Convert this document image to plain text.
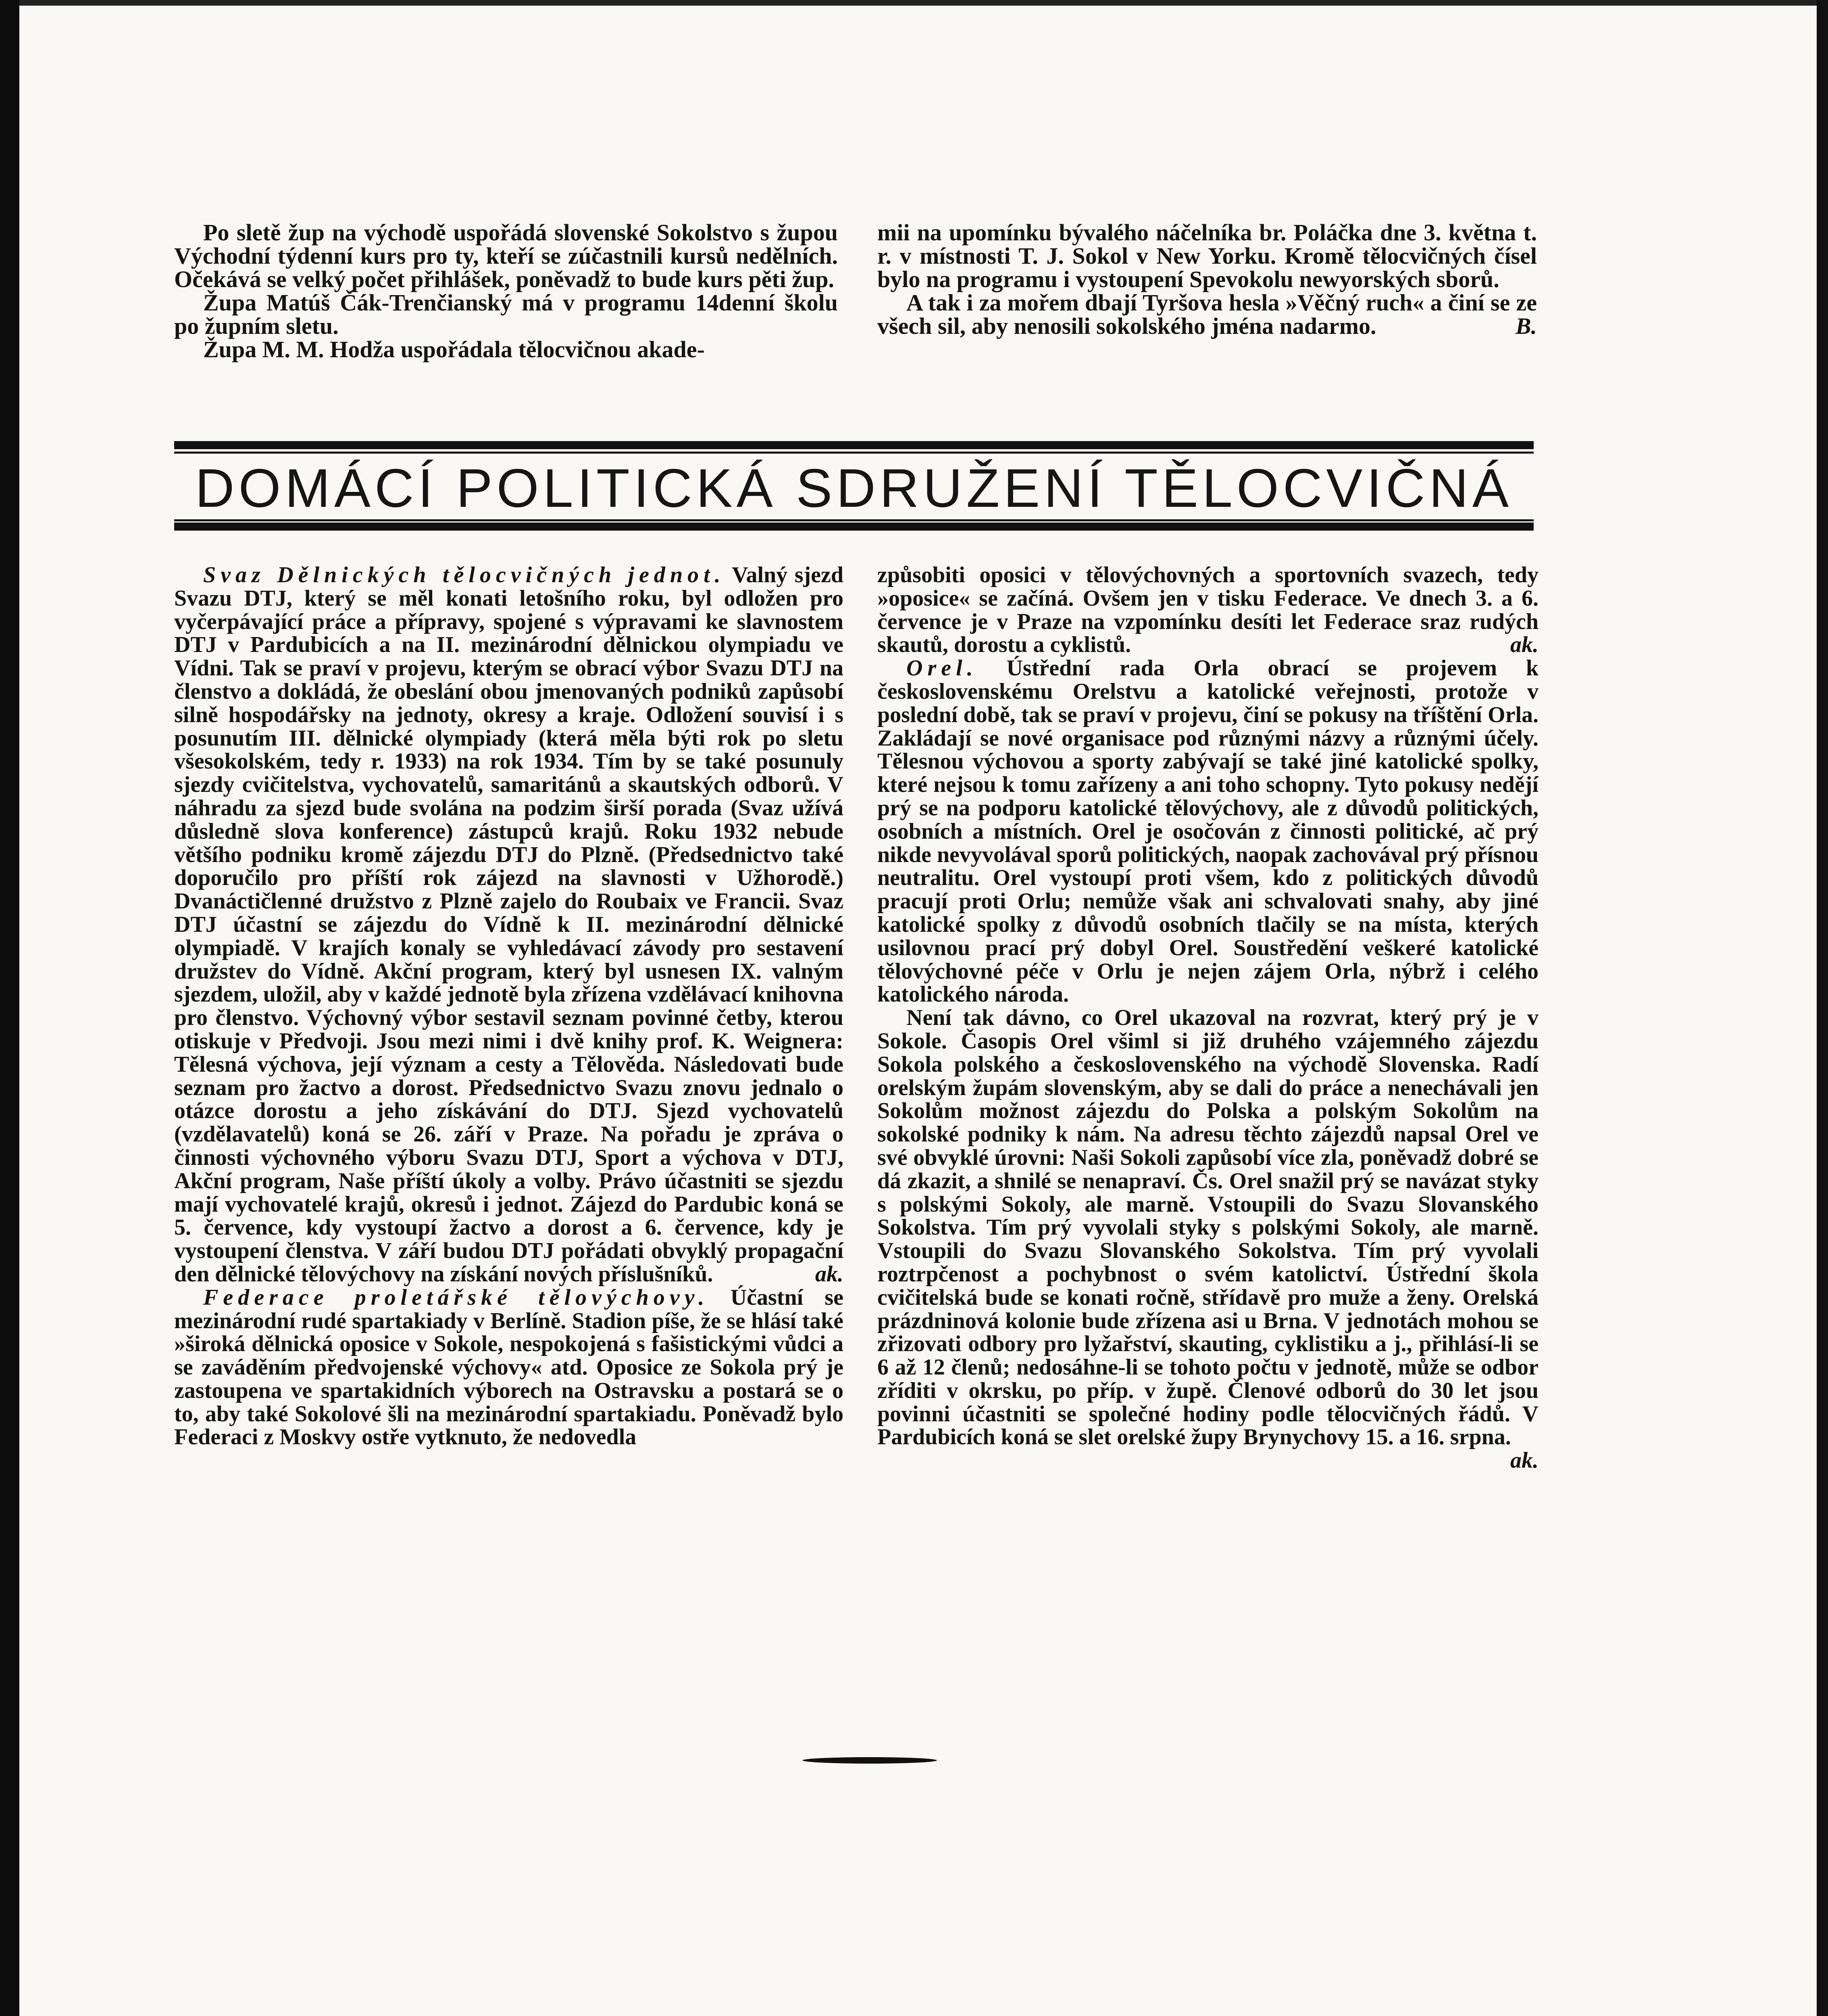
Po sletě žup na východě uspořádá slovenské Sokolstvo s župou Východní týdenní kurs pro ty, kteří se zúčastnili kursů nedělních. Očekává se velký počet přihlášek, poněvadž to bude kurs pěti žup.

Župa Matúš Čák-Trenčianský má v programu 14denní školu po župním sletu.

Župa M. M. Hodža uspořádala tělocvičnou akade-

mii na upomínku bývalého náčelníka br. Poláčka dne 3. května t. r. v místnosti T. J. Sokol v New Yorku. Kromě tělocvičných čísel bylo na programu i vystoupení Spevokolu newyorských sborů.

A tak i za mořem dbají Tyršova hesla »Věčný ruch« a činí se ze všech sil, aby nenosili sokolského jména nadarmo.	B.

DOMÁCÍ POLITICKÁ SDRUŽENÍ TĚLOCVIČNÁ

Svaz Dělnických tělocvičných jednot. Valný sjezd Svazu DTJ, který se měl konati letošního roku, byl odložen pro vyčerpávající práce a přípravy, spojené s výpravami ke slavnostem DTJ v Pardubicích a na II. mezinárodní dělnickou olympiadu ve Vídni. Tak se praví v projevu, kterým se obrací výbor Svazu DTJ na členstvo a dokládá, že obeslání obou jmenovaných podniků zapůsobí silně hospodářsky na jednoty, okresy a kraje. Odložení souvisí i s posunutím III. dělnické olympiady (která měla býti rok po sletu všesokolském, tedy r. 1933) na rok 1934. Tím by se také posunuly sjezdy cvičitelstva, vychovatelů, samaritánů a skautských odborů. V náhradu za sjezd bude svolána na podzim širší porada (Svaz užívá důsledně slova konference) zástupců krajů. Roku 1932 nebude většího podniku kromě zájezdu DTJ do Plzně. (Předsednictvo také doporučilo pro příští rok zájezd na slavnosti v Užhorodě.) Dvanáctičlenné družstvo z Plzně zajelo do Roubaix ve Francii. Svaz DTJ účastní se zájezdu do Vídně k II. mezinárodní dělnické olympiadě. V krajích konaly se vyhledávací závody pro sestavení družstev do Vídně. Akční program, který byl usnesen IX. valným sjezdem, uložil, aby v každé jednotě byla zřízena vzdělávací knihovna pro členstvo. Výchovný výbor sestavil seznam povinné četby, kterou otiskuje v Předvoji. Jsou mezi nimi i dvě knihy prof. K. Weignera: Tělesná výchova, její význam a cesty a Tělověda. Následovati bude seznam pro žactvo a dorost. Předsednictvo Svazu znovu jednalo o otázce dorostu a jeho získávání do DTJ. Sjezd vychovatelů (vzdělavatelů) koná se 26. září v Praze. Na pořadu je zpráva o činnosti výchovného výboru Svazu DTJ, Sport a výchova v DTJ, Akční program, Naše příští úkoly a volby. Právo účastniti se sjezdu mají vychovatelé krajů, okresů i jednot. Zájezd do Pardubic koná se 5. července, kdy vystoupí žactvo a dorost a 6. července, kdy je vystoupení členstva. V září budou DTJ pořádati obvyklý propagační den dělnické tělovýchovy na získání nových příslušníků.	ak.

Federace proletářské tělovýchovy. Účastní se mezinárodní rudé spartakiady v Berlíně. Stadion píše, že se hlásí také »široká dělnická oposice v Sokole, nespokojená s fašistickými vůdci a se zaváděním předvojenské výchovy« atd. Oposice ze Sokola prý je zastoupena ve spartakidních výborech na Ostravsku a postará se o to, aby také Sokolové šli na mezinárodní spartakiadu. Poněvadž bylo Federaci z Moskvy ostře vytknuto, že nedovedla

způsobiti oposici v tělovýchovných a sportovních svazech, tedy »oposice« se začíná. Ovšem jen v tisku Federace. Ve dnech 3. a 6. července je v Praze na vzpomínku desíti let Federace sraz rudých skautů, dorostu a cyklistů.	ak.

Orel. Ústřední rada Orla obrací se projevem k československému Orelstvu a katolické veřejnosti, protože v poslední době, tak se praví v projevu, činí se pokusy na tříštění Orla. Zakládají se nové organisace pod různými názvy a různými účely. Tělesnou výchovou a sporty zabývají se také jiné katolické spolky, které nejsou k tomu zařízeny a ani toho schopny. Tyto pokusy nedějí prý se na podporu katolické tělovýchovy, ale z důvodů politických, osobních a místních. Orel je osočován z činnosti politické, ač prý nikde nevyvolával sporů politických, naopak zachovával prý přísnou neutralitu. Orel vystoupí proti všem, kdo z politických důvodů pracují proti Orlu; nemůže však ani schvalovati snahy, aby jiné katolické spolky z důvodů osobních tlačily se na místa, kterých usilovnou prací prý dobyl Orel. Soustředění veškeré katolické tělovýchovné péče v Orlu je nejen zájem Orla, nýbrž i celého katolického národa.

Není tak dávno, co Orel ukazoval na rozvrat, který prý je v Sokole. Časopis Orel všiml si již druhého vzájemného zájezdu Sokola polského a československého na východě Slovenska. Radí orelským župám slovenským, aby se dali do práce a nenechávali jen Sokolům možnost zájezdu do Polska a polským Sokolům na sokolské podniky k nám. Na adresu těchto zájezdů napsal Orel ve své obvyklé úrovni: Naši Sokoli zapůsobí více zla, poněvadž dobré se dá zkazit, a shnilé se nenapraví. Čs. Orel snažil prý se navázat styky s polskými Sokoly, ale marně. Vstoupili do Svazu Slovanského Sokolstva. Tím prý vyvolali styky s polskými Sokoly, ale marně. Vstoupili do Svazu Slovanského Sokolstva. Tím prý vyvolali roztrpčenost a pochybnost o svém katolictví. Ústřední škola cvičitelská bude se konati ročně, střídavě pro muže a ženy. Orelská prázdninová kolonie bude zřízena asi u Brna. V jednotách mohou se zřizovati odbory pro lyžařství, skauting, cyklistiku a j., přihlásí-li se 6 až 12 členů; nedosáhne-li se tohoto počtu v jednotě, může se odbor zříditi v okrsku, po příp. v župě. Členové odborů do 30 let jsou povinni účastniti se společné hodiny podle tělocvičných řádů. V Pardubicích koná se slet orelské župy Brynychovy 15. a 16. srpna.
ak.
